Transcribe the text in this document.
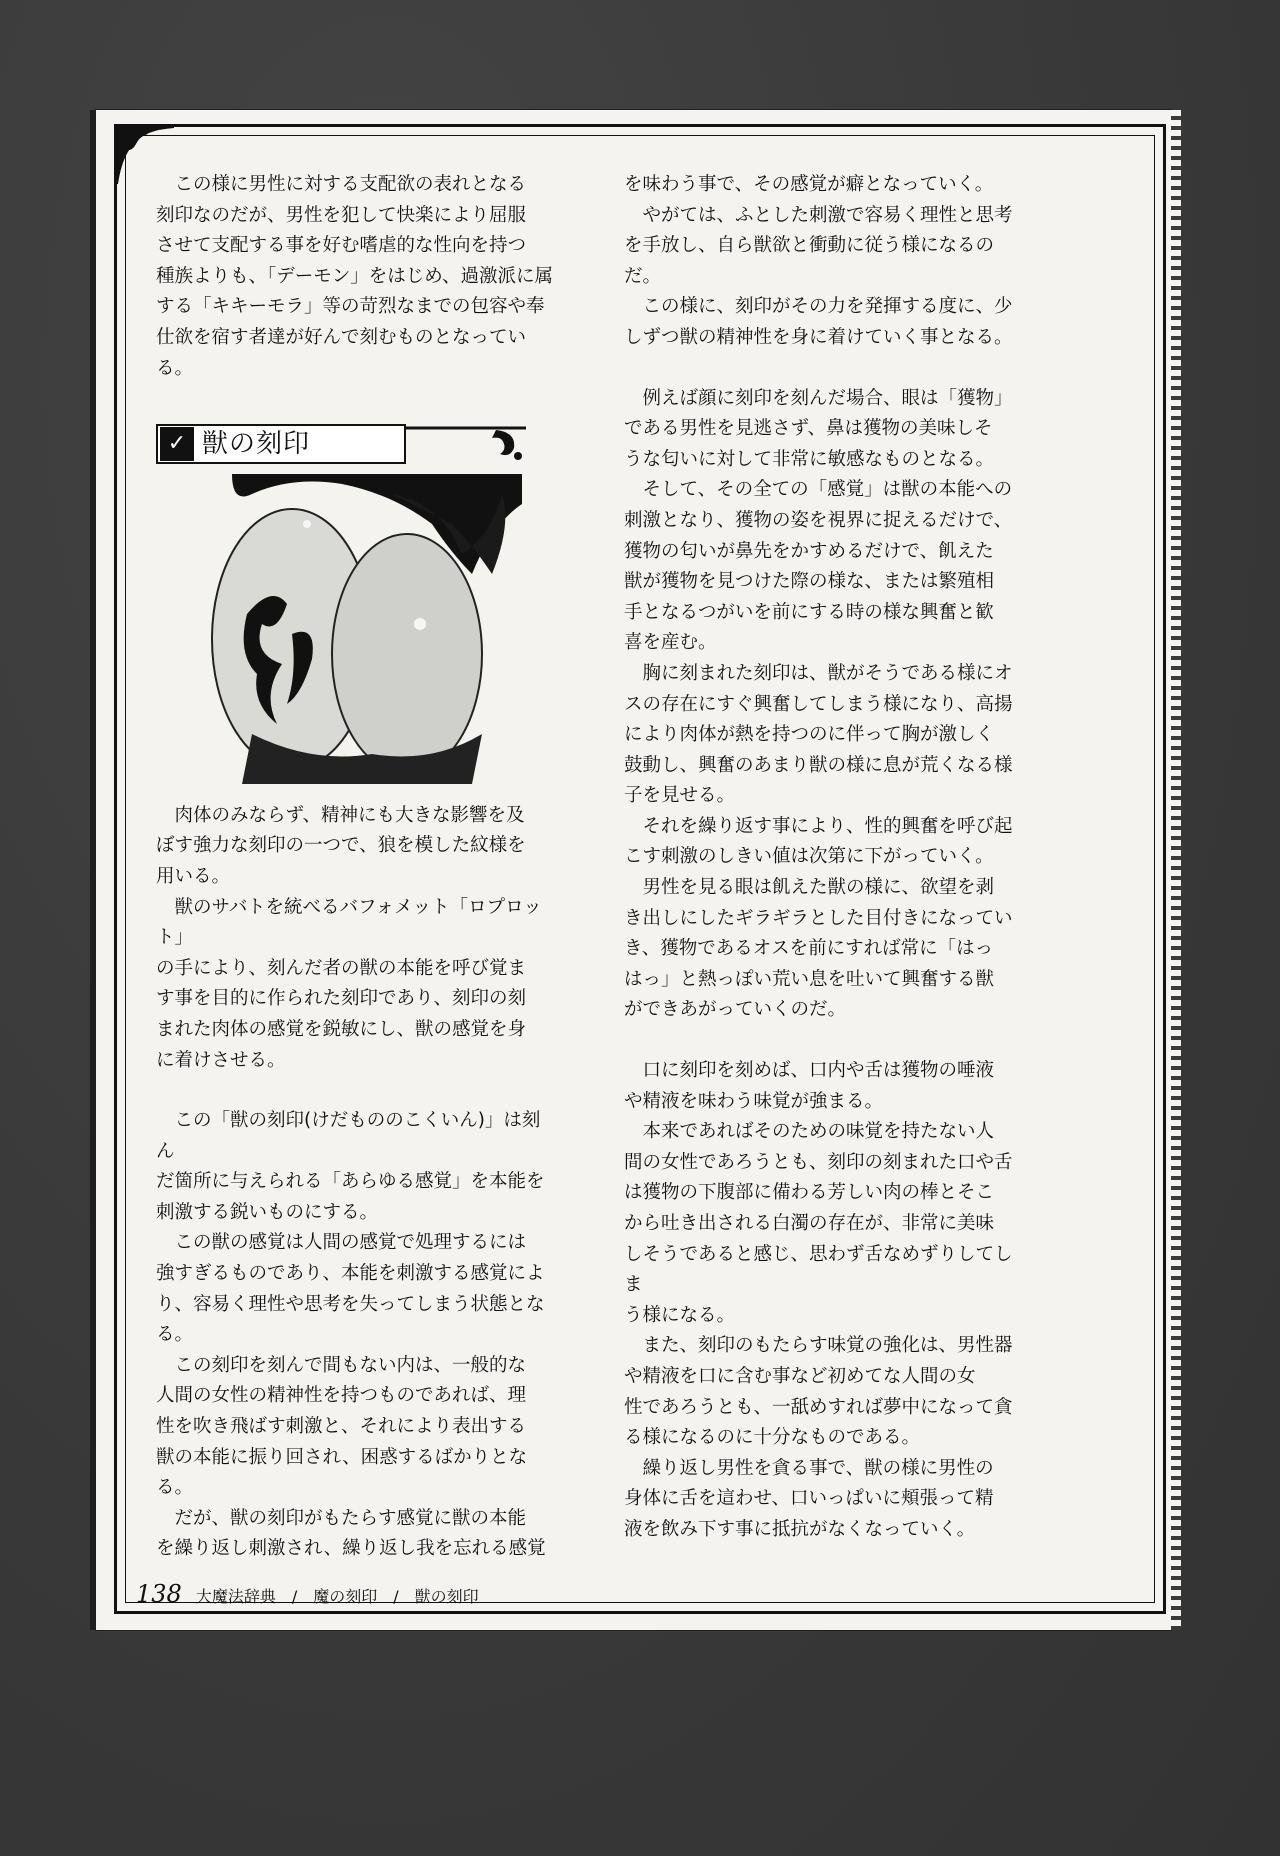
　この様に男性に対する支配欲の表れとなる
刻印なのだが、男性を犯して快楽により屈服
させて支配する事を好む嗜虐的な性向を持つ
種族よりも、「デーモン」をはじめ、過激派に属
する「キキーモラ」等の苛烈なまでの包容や奉
仕欲を宿す者達が好んで刻むものとなってい
る。

✓ 獣の刻印

　肉体のみならず、精神にも大きな影響を及
ぼす強力な刻印の一つで、狼を模した紋様を
用いる。
　獣のサバトを統べるバフォメット「ロプロット」
の手により、刻んだ者の獣の本能を呼び覚ま
す事を目的に作られた刻印であり、刻印の刻
まれた肉体の感覚を鋭敏にし、獣の感覚を身
に着けさせる。

　この「獣の刻印(けだもののこくいん)」は刻ん
だ箇所に与えられる「あらゆる感覚」を本能を
刺激する鋭いものにする。
　この獣の感覚は人間の感覚で処理するには
強すぎるものであり、本能を刺激する感覚によ
り、容易く理性や思考を失ってしまう状態とな
る。
　この刻印を刻んで間もない内は、一般的な
人間の女性の精神性を持つものであれば、理
性を吹き飛ばす刺激と、それにより表出する
獣の本能に振り回され、困惑するばかりとな
る。
　だが、獣の刻印がもたらす感覚に獣の本能
を繰り返し刺激され、繰り返し我を忘れる感覚

を味わう事で、その感覚が癖となっていく。
　やがては、ふとした刺激で容易く理性と思考
を手放し、自ら獣欲と衝動に従う様になるの
だ。
　この様に、刻印がその力を発揮する度に、少
しずつ獣の精神性を身に着けていく事となる。

　例えば顔に刻印を刻んだ場合、眼は「獲物」
である男性を見逃さず、鼻は獲物の美味しそ
うな匂いに対して非常に敏感なものとなる。
　そして、その全ての「感覚」は獣の本能への
刺激となり、獲物の姿を視界に捉えるだけで、
獲物の匂いが鼻先をかすめるだけで、飢えた
獣が獲物を見つけた際の様な、または繁殖相
手となるつがいを前にする時の様な興奮と歓
喜を産む。
　胸に刻まれた刻印は、獣がそうである様にオ
スの存在にすぐ興奮してしまう様になり、高揚
により肉体が熱を持つのに伴って胸が激しく
鼓動し、興奮のあまり獣の様に息が荒くなる様
子を見せる。
　それを繰り返す事により、性的興奮を呼び起
こす刺激のしきい値は次第に下がっていく。
　男性を見る眼は飢えた獣の様に、欲望を剥
き出しにしたギラギラとした目付きになってい
き、獲物であるオスを前にすれば常に「はっ
はっ」と熱っぽい荒い息を吐いて興奮する獣
ができあがっていくのだ。

　口に刻印を刻めば、口内や舌は獲物の唾液
や精液を味わう味覚が強まる。
　本来であればそのための味覚を持たない人
間の女性であろうとも、刻印の刻まれた口や舌
は獲物の下腹部に備わる芳しい肉の棒とそこ
から吐き出される白濁の存在が、非常に美味
しそうであると感じ、思わず舌なめずりしてしま
う様になる。
　また、刻印のもたらす味覚の強化は、男性器
や精液を口に含む事など初めてな人間の女
性であろうとも、一舐めすれば夢中になって貪
る様になるのに十分なものである。
　繰り返し男性を貪る事で、獣の様に男性の
身体に舌を這わせ、口いっぱいに頬張って精
液を飲み下す事に抵抗がなくなっていく。

138 大魔法辞典 / 魔の刻印 / 獣の刻印
